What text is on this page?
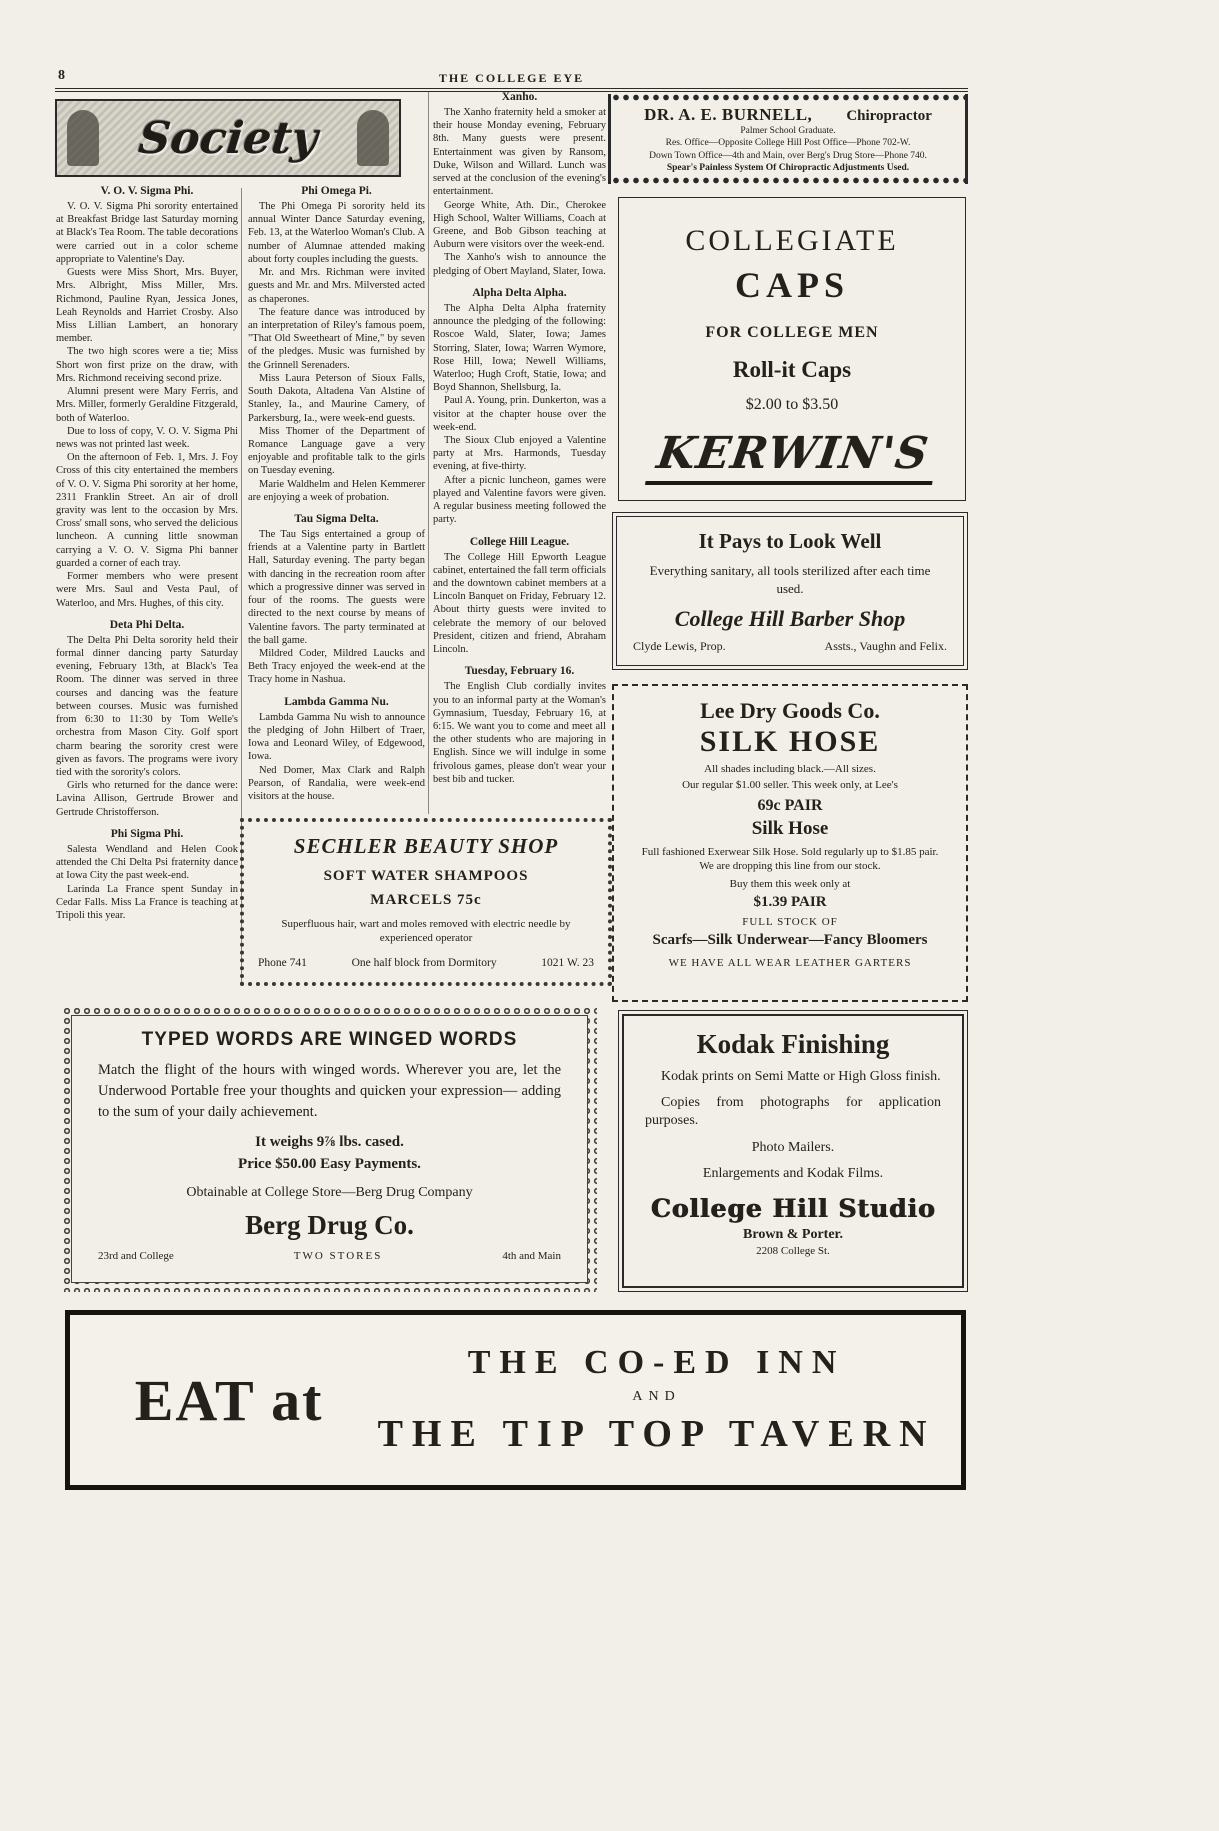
8	THE COLLEGE EYE
Society
V. O. V. Sigma Phi.

V. O. V. Sigma Phi sorority entertained at Breakfast Bridge last Saturday morning at Black's Tea Room. The table decorations were carried out in a color scheme appropriate to Valentine's Day.

Guests were Miss Short, Mrs. Buyer, Mrs. Albright, Miss Miller, Mrs. Richmond, Pauline Ryan, Jessica Jones, Leah Reynolds and Harriet Crosby. Also Miss Lillian Lambert, an honorary member.

The two high scores were a tie; Miss Short won first prize on the draw, with Mrs. Richmond receiving second prize.

Alumni present were Mary Ferris, and Mrs. Miller, formerly Geraldine Fitzgerald, both of Waterloo.

Due to loss of copy, V. O. V. Sigma Phi news was not printed last week.

On the afternoon of Feb. 1, Mrs. J. Foy Cross of this city entertained the members of V. O. V. Sigma Phi sorority at her home, 2311 Franklin Street. An air of droll gravity was lent to the occasion by Mrs. Cross' small sons, who served the delicious luncheon. A cunning little snowman carrying a V. O. V. Sigma Phi banner guarded a corner of each tray.

Former members who were present were Mrs. Saul and Vesta Paul, of Waterloo, and Mrs. Hughes, of this city.

Deta Phi Delta.

The Delta Phi Delta sorority held their formal dinner dancing party Saturday evening, February 13th, at Black's Tea Room. The dinner was served in three courses and dancing was the feature between courses. Music was furnished from 6:30 to 11:30 by Tom Welle's orchestra from Mason City. Golf sport charm bearing the sorority crest were given as favors. The programs were ivory tied with the sorority's colors.

Girls who returned for the dance were: Lavina Allison, Gertrude Brower and Gertrude Christofferson.

Phi Sigma Phi.

Salesta Wendland and Helen Cook attended the Chi Delta Psi fraternity dance at Iowa City the past week-end.

Larinda La France spent Sunday in Cedar Falls. Miss La France is teaching at Tripoli this year.

Phi Omega Pi.

The Phi Omega Pi sorority held its annual Winter Dance Saturday evening, Feb. 13, at the Waterloo Woman's Club. A number of Alumnae attended making about forty couples including the guests.

Mr. and Mrs. Richman were invited guests and Mr. and Mrs. Milversted acted as chaperones.

The feature dance was introduced by an interpretation of Riley's famous poem, "That Old Sweetheart of Mine," by seven of the pledges. Music was furnished by the Grinnell Serenaders.

Miss Laura Peterson of Sioux Falls, South Dakota, Altadena Van Alstine of Stanley, Ia., and Maurine Camery, of Parkersburg, Ia., were week-end guests.

Miss Thomer of the Department of Romance Language gave a very enjoyable and profitable talk to the girls on Tuesday evening.

Marie Waldhelm and Helen Kemmerer are enjoying a week of probation.

Tau Sigma Delta.

The Tau Sigs entertained a group of friends at a Valentine party in Bartlett Hall, Saturday evening. The party began with dancing in the recreation room after which a progressive dinner was served in four of the rooms. The guests were directed to the next course by means of Valentine favors. The party terminated at the ball game.

Mildred Coder, Mildred Laucks and Beth Tracy enjoyed the week-end at the Tracy home in Nashua.

Lambda Gamma Nu.

Lambda Gamma Nu wish to announce the pledging of John Hilbert of Traer, Iowa and Leonard Wiley, of Edgewood, Iowa.

Ned Domer, Max Clark and Ralph Pearson, of Randalia, were week-end visitors at the house.

Xanho.

The Xanho fraternity held a smoker at their house Monday evening, February 8th. Many guests were present. Entertainment was given by Ransom, Duke, Wilson and Willard. Lunch was served at the conclusion of the evening's entertainment.

George White, Ath. Dir., Cherokee High School, Walter Williams, Coach at Greene, and Bob Gibson teaching at Auburn were visitors over the week-end.

The Xanho's wish to announce the pledging of Obert Mayland, Slater, Iowa.

Alpha Delta Alpha.

The Alpha Delta Alpha fraternity announce the pledging of the following: Roscoe Wald, Slater, Iowa; James Storring, Slater, Iowa; Warren Wymore, Rose Hill, Iowa; Newell Williams, Waterloo; Hugh Croft, Statie, Iowa; and Boyd Shannon, Shellsburg, Ia.

Paul A. Young, prin. Dunkerton, was a visitor at the chapter house over the week-end.

The Sioux Club enjoyed a Valentine party at Mrs. Harmonds, Tuesday evening, at five-thirty.

After a picnic luncheon, games were played and Valentine favors were given. A regular business meeting followed the party.

College Hill League.

The College Hill Epworth League cabinet, entertained the fall term officials and the downtown cabinet members at a Lincoln Banquet on Friday, February 12. About thirty guests were invited to celebrate the memory of our beloved President, citizen and friend, Abraham Lincoln.

Tuesday, February 16.

The English Club cordially invites you to an informal party at the Woman's Gymnasium, Tuesday, February 16, at 6:15. We want you to come and meet all the other students who are majoring in English. Since we will indulge in some frivolous games, please don't wear your best bib and tucker.

DR. A. E. BURNELL, Chiropractor
Palmer School Graduate.
Res. Office—Opposite College Hill Post Office—Phone 702-W.
Down Town Office—4th and Main, over Berg's Drug Store—Phone 740.
Spear's Painless System Of Chiropractic Adjustments Used.
COLLEGIATE
CAPS
FOR COLLEGE MEN
Roll-it Caps
$2.00 to $3.50
KERWIN'S
It Pays to Look Well
Everything sanitary, all tools sterilized after each time used.
College Hill Barber Shop
Clyde Lewis, Prop.	Assts., Vaughn and Felix.
Lee Dry Goods Co.
SILK HOSE
All shades including black.—All sizes.
Our regular $1.00 seller. This week only, at Lee's
69c PAIR
Silk Hose
Full fashioned Exerwear Silk Hose. Sold regularly up to $1.85 pair. We are dropping this line from our stock.
Buy them this week only at
$1.39 PAIR
FULL STOCK OF
Scarfs—Silk Underwear—Fancy Bloomers
WE HAVE ALL WEAR LEATHER GARTERS
Kodak Finishing

Kodak prints on Semi Matte or High Gloss finish.

Copies from photographs for application purposes.

Photo Mailers.

Enlargements and Kodak Films.

College Hill Studio
Brown & Porter.
2208 College St.
SECHLER BEAUTY SHOP
SOFT WATER SHAMPOOS
MARCELS 75c
Superfluous hair, wart and moles removed with electric needle by experienced operator
Phone 741	One half block from Dormitory	1021 W. 23
TYPED WORDS ARE WINGED WORDS
Match the flight of the hours with winged words. Wherever you are, let the Underwood Portable free your thoughts and quicken your expression— adding to the sum of your daily achievement.
It weighs 9⅞ lbs. cased.
Price $50.00 Easy Payments.
Obtainable at College Store—Berg Drug Company
Berg Drug Co.
23rd and College	TWO STORES	4th and Main
EAT at
THE CO-ED INN
AND
THE TIP TOP TAVERN
